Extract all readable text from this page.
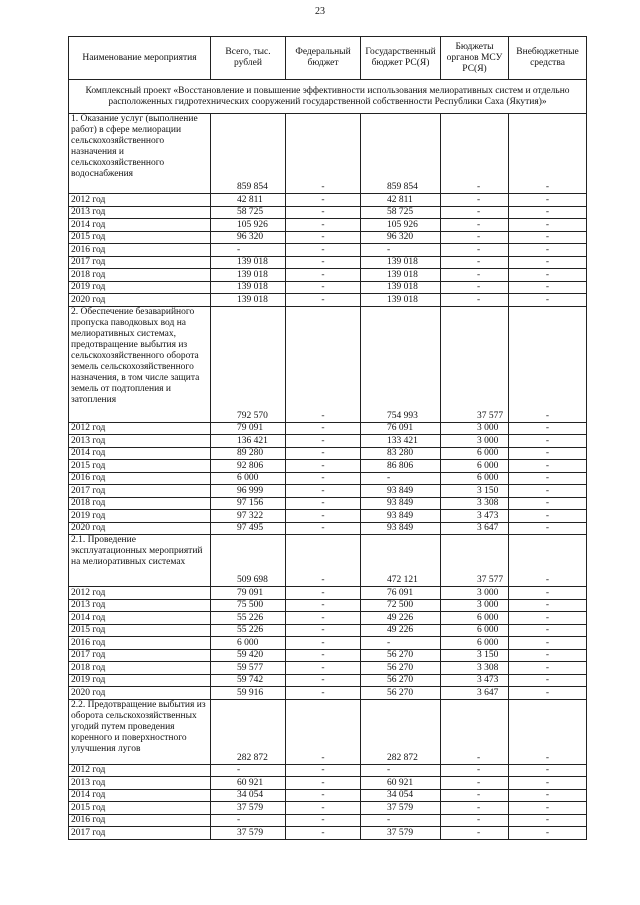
23
Наименование мероприятия	Всего, тыс. рублей	Федеральный бюджет	Государственный бюджет РС(Я)	Бюджеты органов МСУ РС(Я)	Внебюджетные средства
Комплексный проект «Восстановление и повышение эффективности использования мелиоративных систем и отдельно расположенных гидротехнических сооружений государственной собственности Республики Саха (Якутия)»					
1. Оказание услуг (выполнение работ) в сфере мелиорации сельскохозяйственного назначения и сельскохозяйственного водоснабжения	859 854	-	859 854	-	-
2012 год	42 811	-	42 811	-	-
2013 год	58 725	-	58 725	-	-
2014 год	105 926	-	105 926	-	-
2015 год	96 320	-	96 320	-	-
2016 год	-	-	-	-	-
2017 год	139 018	-	139 018	-	-
2018 год	139 018	-	139 018	-	-
2019 год	139 018	-	139 018	-	-
2020 год	139 018	-	139 018	-	-
2. Обеспечение безаварийного пропуска паводковых вод на мелиоративных системах, предотвращение выбытия из сельскохозяйственного оборота земель сельскохозяйственного назначения, в том числе защита земель от подтопления и затопления	792 570	-	754 993	37 577	-
2012 год	79 091	-	76 091	3 000	-
2013 год	136 421	-	133 421	3 000	-
2014 год	89 280	-	83 280	6 000	-
2015 год	92 806	-	86 806	6 000	-
2016 год	6 000	-	-	6 000	-
2017 год	96 999	-	93 849	3 150	-
2018 год	97 156	-	93 849	3 308	-
2019 год	97 322	-	93 849	3 473	-
2020 год	97 495	-	93 849	3 647	-
2.1. Проведение эксплуатационных мероприятий на мелиоративных системах	509 698	-	472 121	37 577	-
2012 год	79 091	-	76 091	3 000	-
2013 год	75 500	-	72 500	3 000	-
2014 год	55 226	-	49 226	6 000	-
2015 год	55 226	-	49 226	6 000	-
2016 год	6 000	-	-	6 000	-
2017 год	59 420	-	56 270	3 150	-
2018 год	59 577	-	56 270	3 308	-
2019 год	59 742	-	56 270	3 473	-
2020 год	59 916	-	56 270	3 647	-
2.2. Предотвращение выбытия из оборота сельскохозяйственных угодий путем проведения коренного и поверхностного улучшения лугов	282 872	-	282 872	-	-
2012 год	-	-	-	-	-
2013 год	60 921	-	60 921	-	-
2014 год	34 054	-	34 054	-	-
2015 год	37 579	-	37 579	-	-
2016 год	-	-	-	-	-
2017 год	37 579	-	37 579	-	-
